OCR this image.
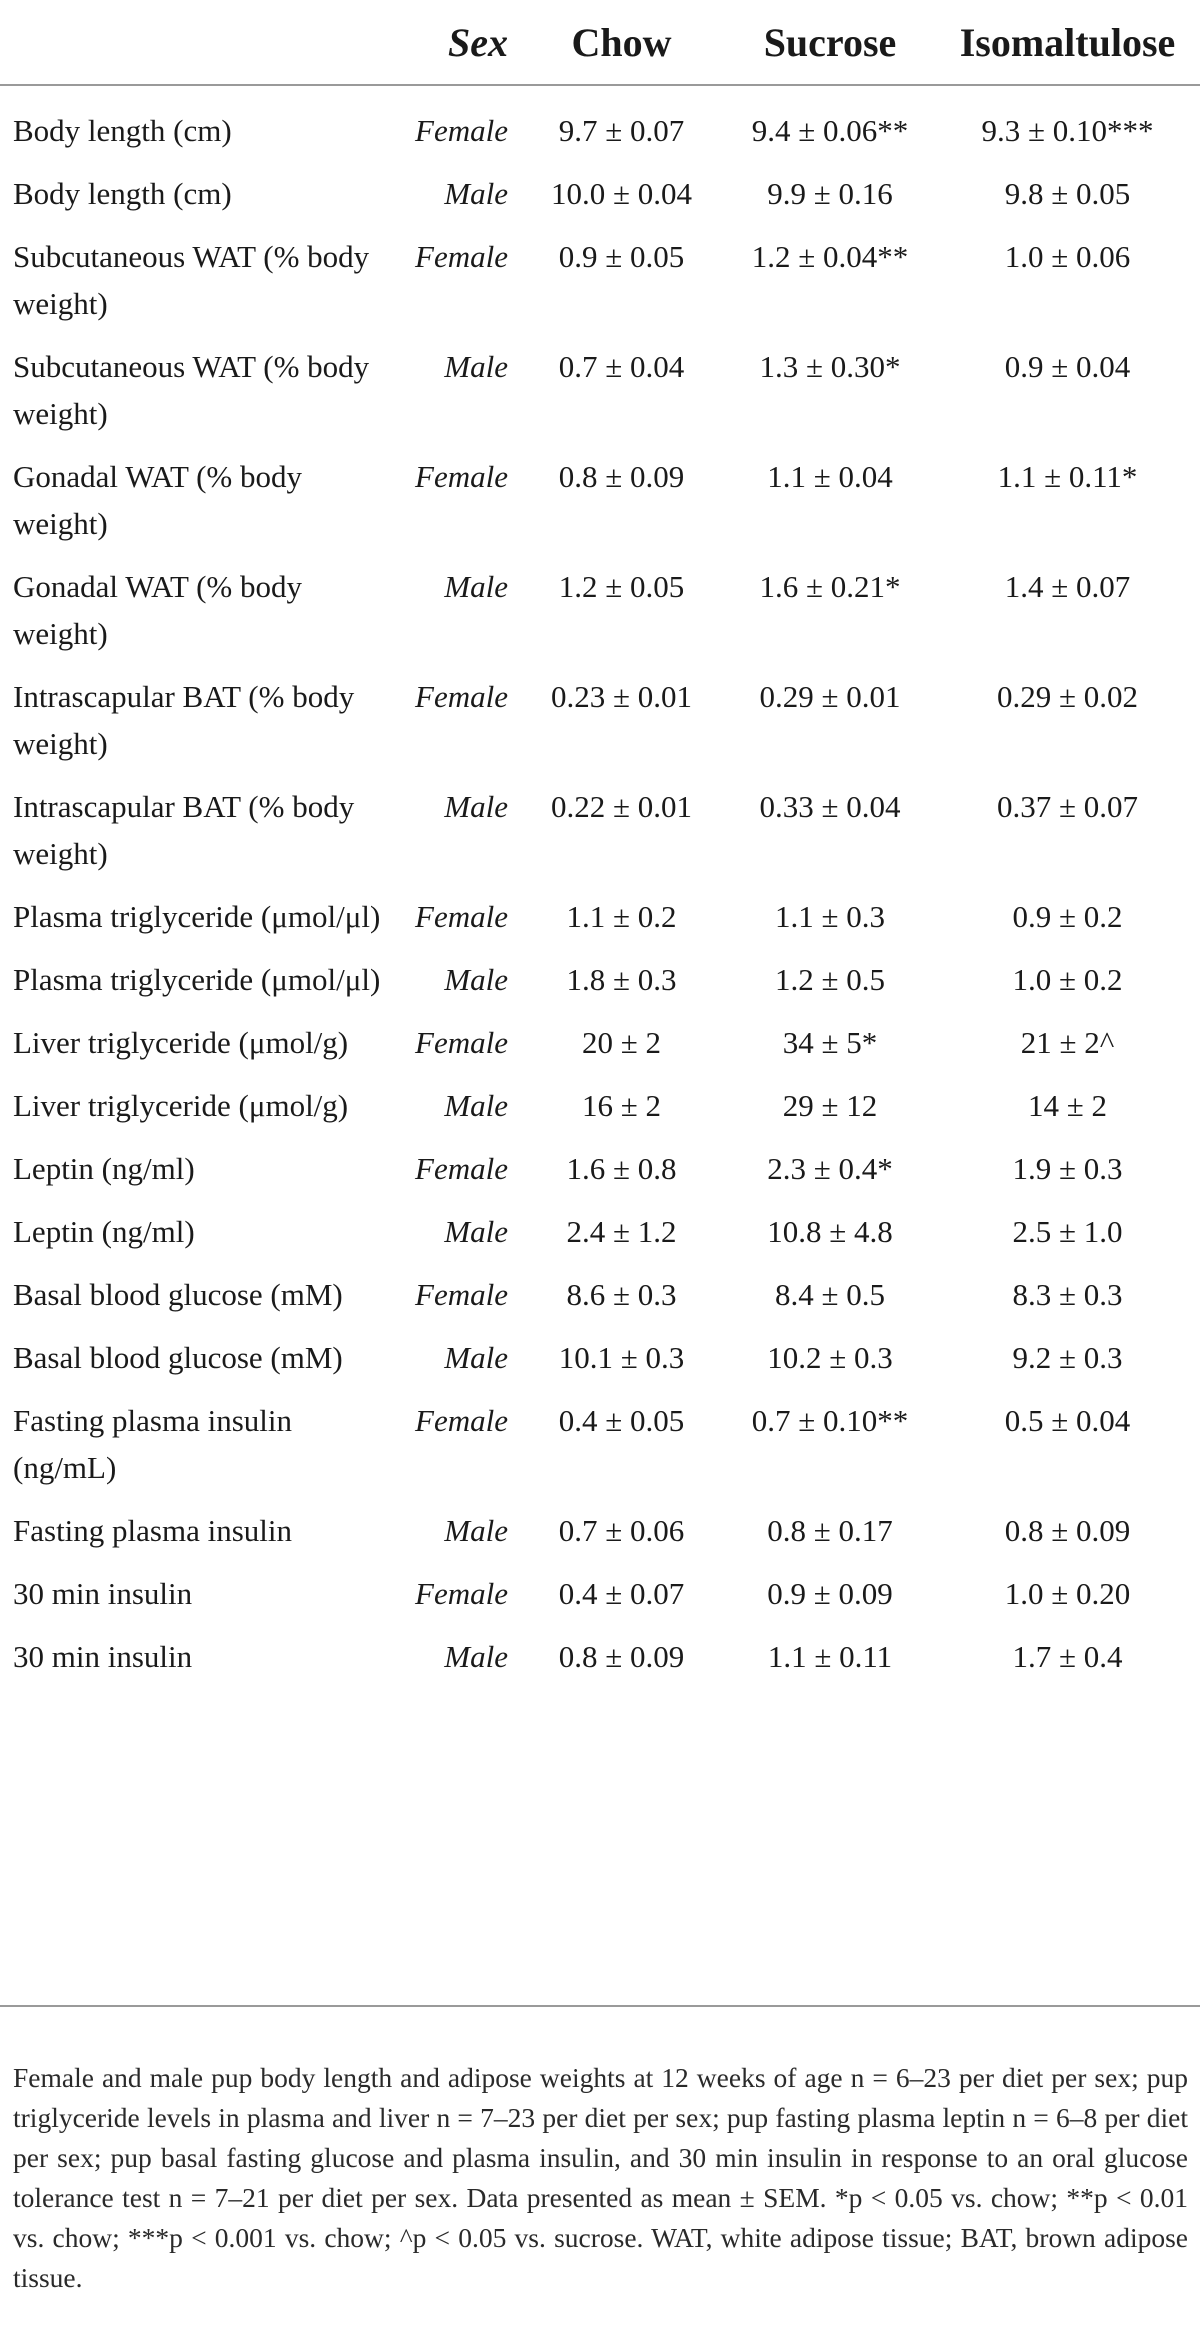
	Sex	Chow	Sucrose	Isomaltulose

Body length (cm)	Female	9.7 ± 0.07	9.4 ± 0.06**	9.3 ± 0.10***
Body length (cm)	Male	10.0 ± 0.04	9.9 ± 0.16	9.8 ± 0.05
Subcutaneous WAT (% body weight)	Female	0.9 ± 0.05	1.2 ± 0.04**	1.0 ± 0.06
Subcutaneous WAT (% body weight)	Male	0.7 ± 0.04	1.3 ± 0.30*	0.9 ± 0.04
Gonadal WAT (% body weight)	Female	0.8 ± 0.09	1.1 ± 0.04	1.1 ± 0.11*
Gonadal WAT (% body weight)	Male	1.2 ± 0.05	1.6 ± 0.21*	1.4 ± 0.07
Intrascapular BAT (% body weight)	Female	0.23 ± 0.01	0.29 ± 0.01	0.29 ± 0.02
Intrascapular BAT (% body weight)	Male	0.22 ± 0.01	0.33 ± 0.04	0.37 ± 0.07
Plasma triglyceride (μmol/μl)	Female	1.1 ± 0.2	1.1 ± 0.3	0.9 ± 0.2
Plasma triglyceride (μmol/μl)	Male	1.8 ± 0.3	1.2 ± 0.5	1.0 ± 0.2
Liver triglyceride (μmol/g)	Female	20 ± 2	34 ± 5*	21 ± 2^
Liver triglyceride (μmol/g)	Male	16 ± 2	29 ± 12	14 ± 2
Leptin (ng/ml)	Female	1.6 ± 0.8	2.3 ± 0.4*	1.9 ± 0.3
Leptin (ng/ml)	Male	2.4 ± 1.2	10.8 ± 4.8	2.5 ± 1.0
Basal blood glucose (mM)	Female	8.6 ± 0.3	8.4 ± 0.5	8.3 ± 0.3
Basal blood glucose (mM)	Male	10.1 ± 0.3	10.2 ± 0.3	9.2 ± 0.3
Fasting plasma insulin (ng/mL)	Female	0.4 ± 0.05	0.7 ± 0.10**	0.5 ± 0.04
Fasting plasma insulin	Male	0.7 ± 0.06	0.8 ± 0.17	0.8 ± 0.09
30 min insulin	Female	0.4 ± 0.07	0.9 ± 0.09	1.0 ± 0.20
30 min insulin	Male	0.8 ± 0.09	1.1 ± 0.11	1.7 ± 0.4

Female and male pup body length and adipose weights at 12 weeks of age n = 6–23 per diet per sex; pup triglyceride levels in plasma and liver n = 7–23 per diet per sex; pup fasting plasma leptin n = 6–8 per diet per sex; pup basal fasting glucose and plasma insulin, and 30 min insulin in response to an oral glucose tolerance test n = 7–21 per diet per sex. Data presented as mean ± SEM. *p < 0.05 vs. chow; **p < 0.01 vs. chow; ***p < 0.001 vs. chow; ^p < 0.05 vs. sucrose. WAT, white adipose tissue; BAT, brown adipose tissue.
